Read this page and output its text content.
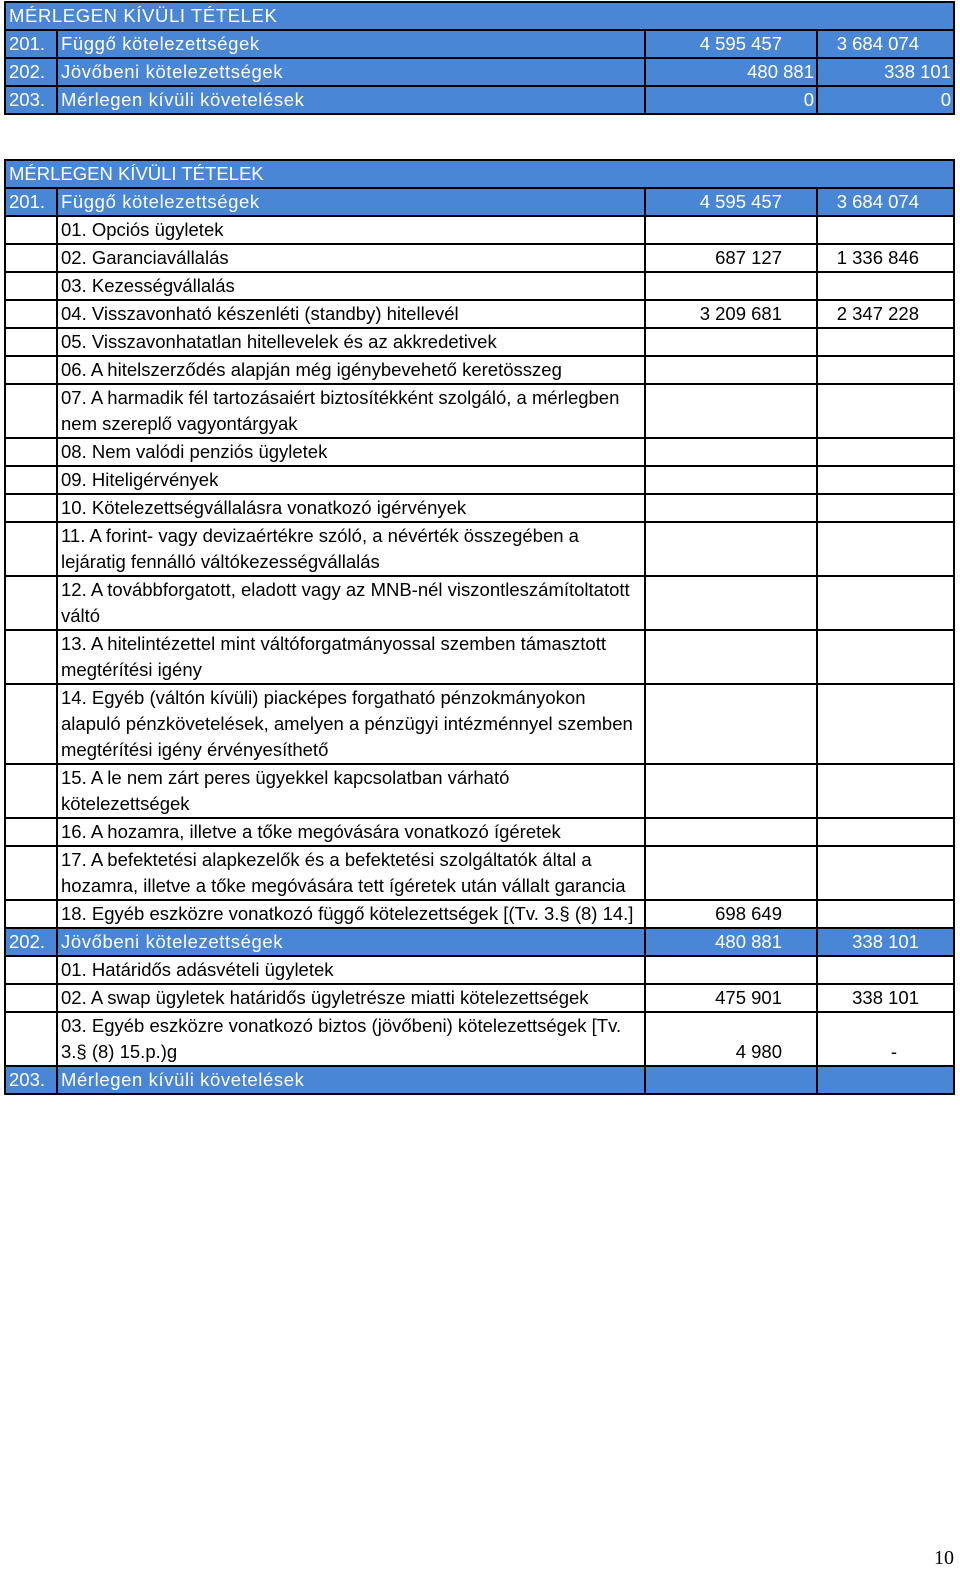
MÉRLEGEN KÍVÜLI TÉTELEK			
201.	Függő kötelezettségek	4 595 457	3 684 074
202.	Jövőbeni kötelezettségek	480 881	338 101
203.	Mérlegen kívüli követelések	0	0
MÉRLEGEN KÍVÜLI TÉTELEK			
201.	Függő kötelezettségek	4 595 457	3 684 074
	01. Opciós ügyletek		
	02. Garanciavállalás	687 127	1 336 846
	03. Kezességvállalás		
	04. Visszavonható készenléti (standby) hitellevél	3 209 681	2 347 228
	05. Visszavonhatatlan hitellevelek és az akkredetivek		
	06. A hitelszerződés alapján még igénybevehető keretösszeg		
	07. A harmadik fél tartozásaiért biztosítékként szolgáló, a mérlegben nem szereplő vagyontárgyak		
	08. Nem valódi penziós ügyletek		
	09. Hiteligérvények		
	10. Kötelezettségvállalásra vonatkozó igérvények		
	11. A forint- vagy devizaértékre szóló, a névérték összegében a lejáratig fennálló váltókezességvállalás		
	12. A továbbforgatott, eladott vagy az MNB-nél viszontleszámítoltatott váltó		
	13. A hitelintézettel mint váltóforgatmányossal szemben támasztott megtérítési igény		
	14. Egyéb (váltón kívüli) piacképes forgatható pénzokmányokon alapuló pénzkövetelések, amelyen a pénzügyi intézménnyel szemben megtérítési igény érvényesíthető		
	15. A le nem zárt peres ügyekkel kapcsolatban várható kötelezettségek		
	16. A hozamra, illetve a tőke megóvására vonatkozó ígéretek		
	17. A befektetési alapkezelők és a befektetési szolgáltatók által a hozamra, illetve a tőke megóvására tett ígéretek után vállalt garancia		
	18. Egyéb eszközre vonatkozó függő kötelezettségek [(Tv. 3.§ (8) 14.]	698 649	
202.	Jövőbeni kötelezettségek	480 881	338 101
	01. Határidős adásvételi ügyletek		
	02. A swap ügyletek határidős ügyletrésze miatti kötelezettségek	475 901	338 101
	03. Egyéb eszközre vonatkozó biztos (jövőbeni) kötelezettségek [Tv. 3.§ (8) 15.p.)g	4 980	-
203.	Mérlegen kívüli követelések		
10
